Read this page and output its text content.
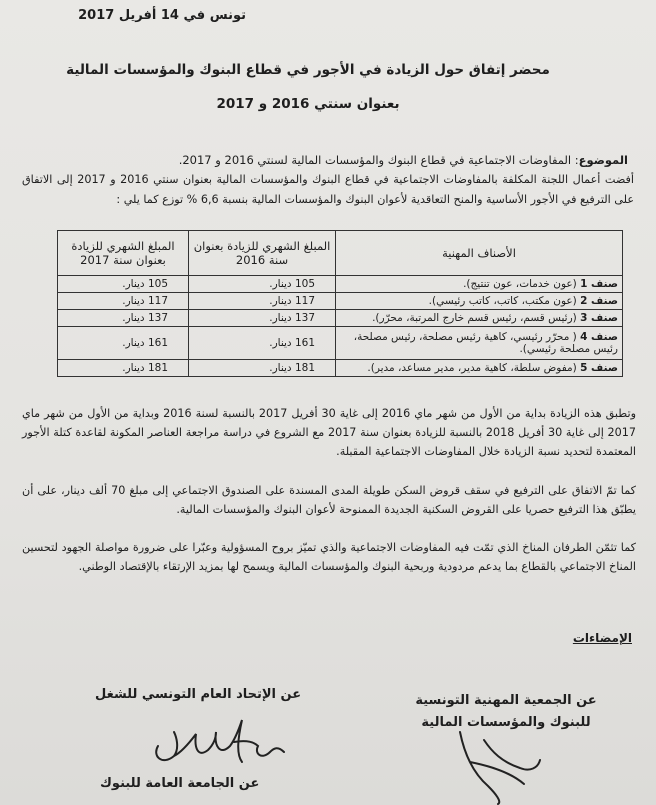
تونس في 14 أفريل 2017
محضر إتفاق حول الزيادة في الأجور في قطاع البنوك والمؤسسات المالية
بعنوان سنتي 2016 و 2017
الموضوع: المفاوضات الاجتماعية في قطاع البنوك والمؤسسات المالية لسنتي 2016 و 2017.
أفضت أعمال اللجنة المكلفة بالمفاوضات الاجتماعية في قطاع البنوك والمؤسسات المالية بعنوان سنتي 2016 و 2017 إلى الاتفاق على الترفيع في الأجور الأساسية والمنح التعاقدية لأعوان البنوك والمؤسسات المالية بنسبة 6,6 % توزع كما يلي :
الأصناف المهنية	المبلغ الشهري للزيادة بعنوان سنة 2016	المبلغ الشهري للزيادة بعنوان سنة 2017
صنف 1 (عون خدمات، عون تنتيج).	105 دينار.	105 دينار.
صنف 2 (عون مكتب، كاتب، كاتب رئيسي).	117 دينار.	117 دينار.
صنف 3 (رئيس قسم، رئيس قسم خارج المرتبة، محرّر).	137 دينار.	137 دينار.
صنف 4 ( محرّر رئيسي، كاهية رئيس مصلحة، رئيس مصلحة، رئيس مصلحة رئيسي).	161 دينار.	161 دينار.
صنف 5 (مفوض سلطة، كاهية مدير، مدير مساعد، مدير).	181 دينار.	181 دينار.
وتطبق هذه الزيادة بداية من الأول من شهر ماي 2016 إلى غاية 30 أفريل 2017 بالنسبة لسنة 2016 وبداية من الأول من شهر ماي 2017 إلى غاية 30 أفريل 2018 بالنسبة للزيادة بعنوان سنة 2017 مع الشروع في دراسة مراجعة العناصر المكونة لقاعدة كتلة الأجور المعتمدة لتحديد نسبة الزيادة خلال المفاوضات الاجتماعية المقبلة.
كما تمّ الاتفاق على الترفيع في سقف قروض السكن طويلة المدى المسندة على الصندوق الاجتماعي إلى مبلغ 70 ألف دينار، على أن يطبّق هذا الترفيع حصريا على القروض السكنية الجديدة الممنوحة لأعوان البنوك والمؤسسات المالية.
كما تثمّن الطرفان المناخ الذي تمّت فيه المفاوضات الاجتماعية والذي تميّز بروح المسؤولية وعبّرا على ضرورة مواصلة الجهود لتحسين المناخ الاجتماعي بالقطاع بما يدعم مردودية وربحية البنوك والمؤسسات المالية ويسمح لها بمزيد الإرتقاء بالإقتصاد الوطني.
الإمضاءات
عن الجمعية المهنية التونسية للبنوك والمؤسسات المالية
عن الإتحاد العام التونسي للشغل
عن الجامعة العامة للبنوك
